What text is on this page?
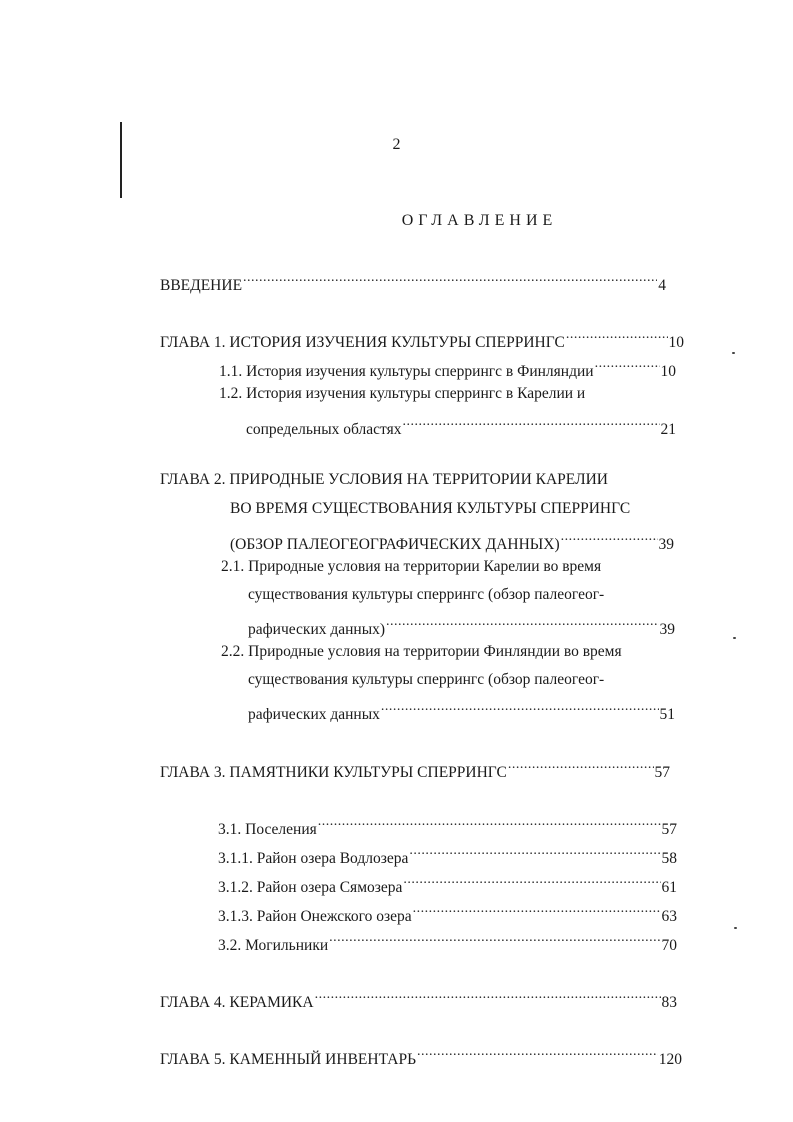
2
ОГЛАВЛЕНИЕ
ВВЕДЕНИЕ .....	4
ГЛАВА 1. ИСТОРИЯ ИЗУЧЕНИЯ КУЛЬТУРЫ СПЕРРИНГС .....	10
1.1. История изучения культуры сперрингс в Финляндии .....	10
1.2. История изучения культуры сперрингс в Карелии и
сопредельных областях .....	21
ГЛАВА 2. ПРИРОДНЫЕ УСЛОВИЯ НА ТЕРРИТОРИИ КАРЕЛИИ
ВО ВРЕМЯ СУЩЕСТВОВАНИЯ КУЛЬТУРЫ СПЕРРИНГС
(ОБЗОР ПАЛЕОГЕОГРАФИЧЕСКИХ ДАННЫХ) .....	39
2.1. Природные условия на территории Карелии во время
существования культуры сперрингс (обзор палеогеог-
рафических данных) .....	39
2.2. Природные условия на территории Финляндии во время
существования культуры сперрингс (обзор палеогеог-
рафических данных .....	51
ГЛАВА 3. ПАМЯТНИКИ КУЛЬТУРЫ СПЕРРИНГС .....	57
3.1. Поселения .....	57
3.1.1. Район озера Водлозера .....	58
3.1.2. Район озера Сямозера .....	61
3.1.3. Район Онежского озера .....	63
3.2. Могильники .....	70
ГЛАВА 4. КЕРАМИКА .....	83
ГЛАВА 5. КАМЕННЫЙ ИНВЕНТАРЬ .....	120
